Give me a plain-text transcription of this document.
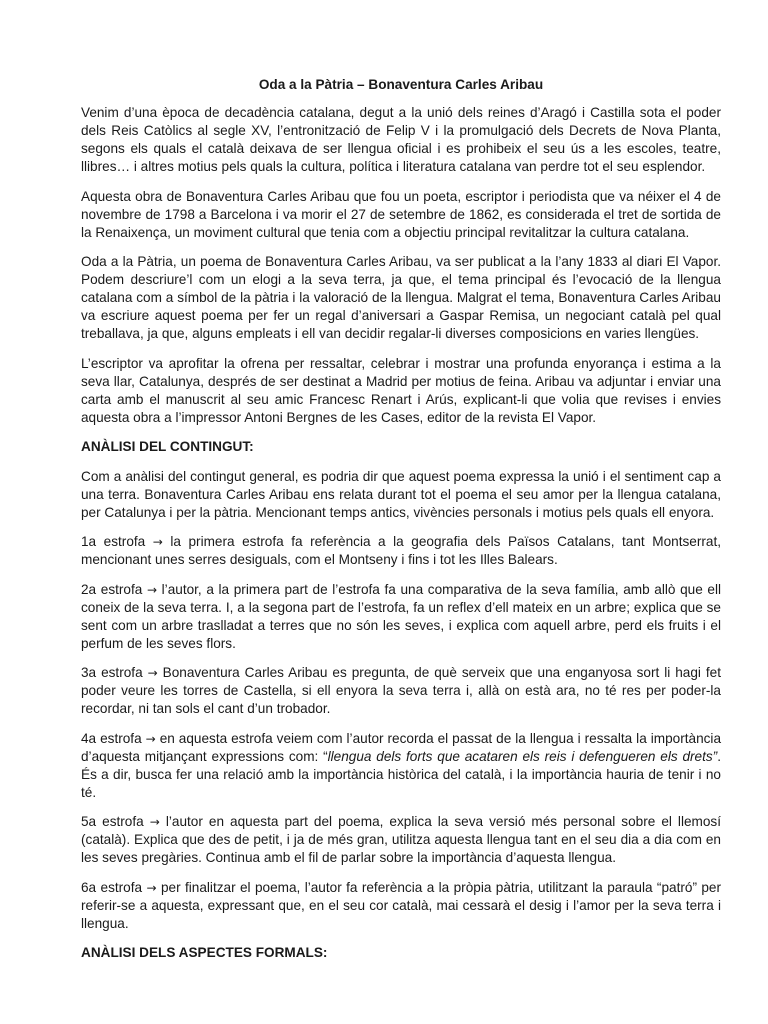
Oda a la Pàtria – Bonaventura Carles Aribau

Venim d’una època de decadència catalana, degut a la unió dels reines d’Aragó i Castilla sota el poder dels Reis Catòlics al segle XV, l’entronització de Felip V i la promulgació dels Decrets de Nova Planta, segons els quals el català deixava de ser llengua oficial i es prohibeix el seu ús a les escoles, teatre, llibres… i altres motius pels quals la cultura, política i literatura catalana van perdre tot el seu esplendor.

Aquesta obra de Bonaventura Carles Aribau que fou un poeta, escriptor i periodista que va néixer el 4 de novembre de 1798 a Barcelona i va morir el 27 de setembre de 1862, es considerada el tret de sortida de la Renaixença, un moviment cultural que tenia com a objectiu principal revitalitzar la cultura catalana.

Oda a la Pàtria, un poema de Bonaventura Carles Aribau, va ser publicat a la l’any 1833 al diari El Vapor. Podem descriure’l com un elogi a la seva terra, ja que, el tema principal és l’evocació de la llengua catalana com a símbol de la pàtria i la valoració de la llengua. Malgrat el tema, Bonaventura Carles Aribau va escriure aquest poema per fer un regal d’aniversari a Gaspar Remisa, un negociant català pel qual treballava, ja que, alguns empleats i ell van decidir regalar-li diverses composicions en varies llengües.

L’escriptor va aprofitar la ofrena per ressaltar, celebrar i mostrar una profunda enyorança i estima a la seva llar, Catalunya, després de ser destinat a Madrid per motius de feina. Aribau va adjuntar i enviar una carta amb el manuscrit al seu amic Francesc Renart i Arús, explicant-li que volia que revises i envies aquesta obra a l’impressor Antoni Bergnes de les Cases, editor de la revista El Vapor.

ANÀLISI DEL CONTINGUT:

Com a anàlisi del contingut general, es podria dir que aquest poema expressa la unió i el sentiment cap a una terra. Bonaventura Carles Aribau ens relata durant tot el poema el seu amor per la llengua catalana, per Catalunya i per la pàtria. Mencionant temps antics, vivències personals i motius pels quals ell enyora.

1a estrofa → la primera estrofa fa referència a la geografia dels Països Catalans, tant Montserrat, mencionant unes serres desiguals, com el Montseny i fins i tot les Illes Balears.

2a estrofa → l’autor, a la primera part de l’estrofa fa una comparativa de la seva família, amb allò que ell coneix de la seva terra. I, a la segona part de l’estrofa, fa un reflex d’ell mateix en un arbre; explica que se sent com un arbre traslladat a terres que no són les seves, i explica com aquell arbre, perd els fruits i el perfum de les seves flors.

3a estrofa → Bonaventura Carles Aribau es pregunta, de què serveix que una enganyosa sort li hagi fet poder veure les torres de Castella, si ell enyora la seva terra i, allà on està ara, no té res per poder-la recordar, ni tan sols el cant d’un trobador.

4a estrofa → en aquesta estrofa veiem com l’autor recorda el passat de la llengua i ressalta la importància d’aquesta mitjançant expressions com: “llengua dels forts que acataren els reis i defengueren els drets”. És a dir, busca fer una relació amb la importància històrica del català, i la importància hauria de tenir i no té.

5a estrofa → l’autor en aquesta part del poema, explica la seva versió més personal sobre el llemosí (català). Explica que des de petit, i ja de més gran, utilitza aquesta llengua tant en el seu dia a dia com en les seves pregàries. Continua amb el fil de parlar sobre la importància d’aquesta llengua.

6a estrofa → per finalitzar el poema, l’autor fa referència a la pròpia pàtria, utilitzant la paraula “patró” per referir-se a aquesta, expressant que, en el seu cor català, mai cessarà el desig i l’amor per la seva terra i llengua.

ANÀLISI DELS ASPECTES FORMALS:
